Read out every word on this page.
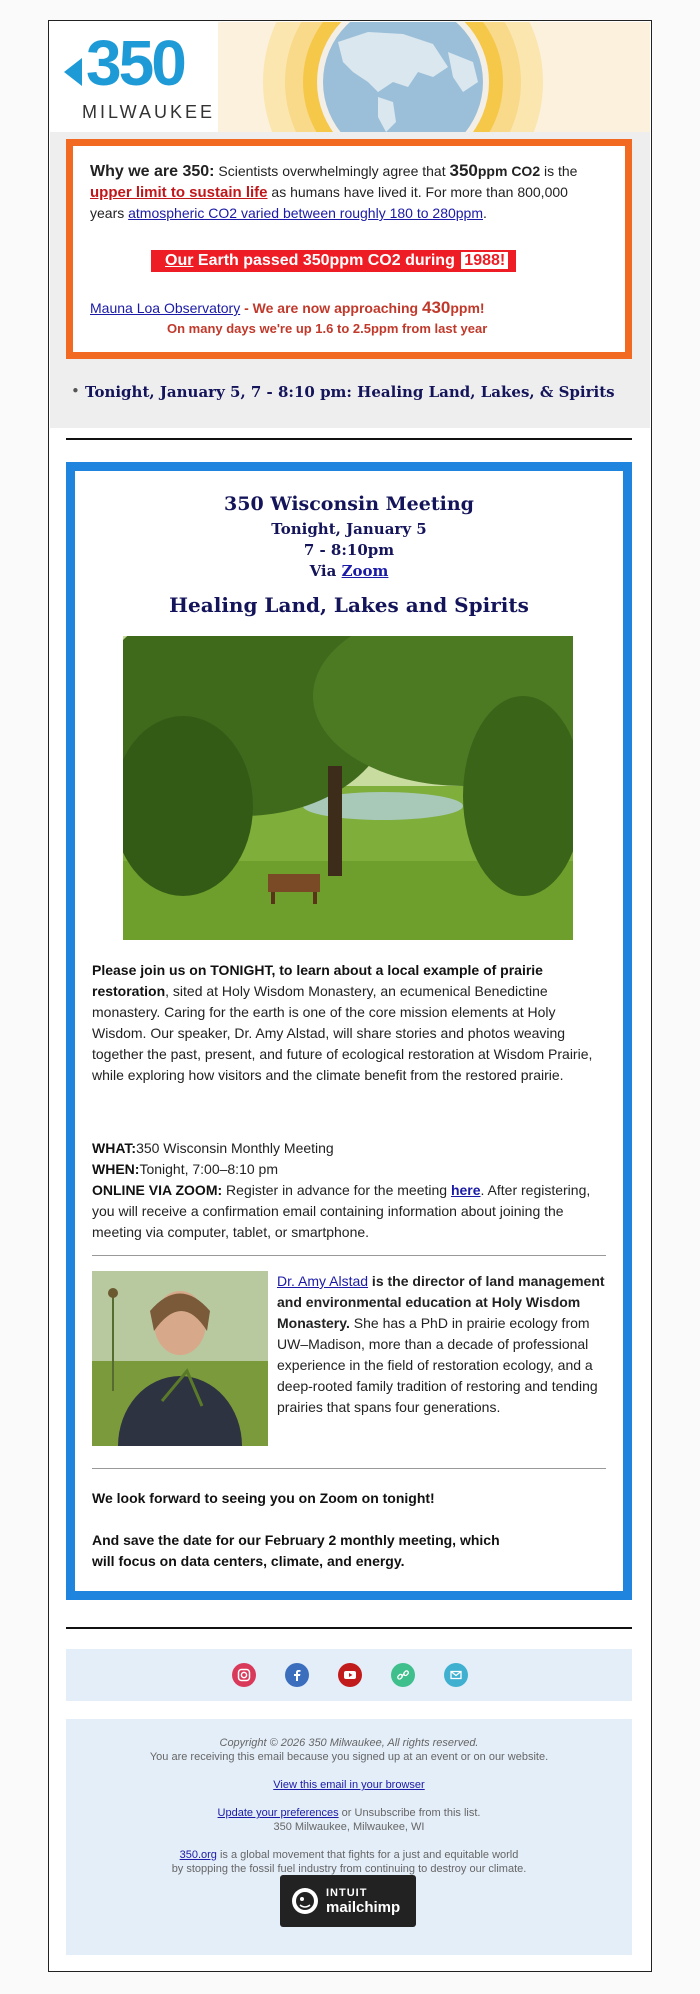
350
MILWAUKEE
Why we are 350: Scientists overwhelmingly agree that 350ppm CO2 is the upper limit to sustain life as humans have lived it. For more than 800,000 years atmospheric CO2 varied between roughly 180 to 280ppm.
Our Earth passed 350ppm CO2 during 1988!
Mauna Loa Observatory - We are now approaching 430ppm!
On many days we're up 1.6 to 2.5ppm from last year
• Tonight, January 5, 7 - 8:10 pm: Healing Land, Lakes, & Spirits
350 Wisconsin Meeting
Tonight, January 5
7 - 8:10pm
Via Zoom
Healing Land, Lakes and Spirits
Please join us on TONIGHT, to learn about a local example of prairie restoration, sited at Holy Wisdom Monastery, an ecumenical Benedictine monastery. Caring for the earth is one of the core mission elements at Holy Wisdom. Our speaker, Dr. Amy Alstad, will share stories and photos weaving together the past, present, and future of ecological restoration at Wisdom Prairie, while exploring how visitors and the climate benefit from the restored prairie.
WHAT:350 Wisconsin Monthly Meeting
WHEN:Tonight, 7:00–8:10 pm
ONLINE VIA ZOOM: Register in advance for the meeting here. After registering, you will receive a confirmation email containing information about joining the meeting via computer, tablet, or smartphone.
Dr. Amy Alstad is the director of land management and environmental education at Holy Wisdom Monastery. She has a PhD in prairie ecology from UW–Madison, more than a decade of professional experience in the field of restoration ecology, and a deep-rooted family tradition of restoring and tending prairies that spans four generations.
We look forward to seeing you on Zoom on tonight!
And save the date for our February 2 monthly meeting, which will focus on data centers, climate, and energy.
Copyright © 2026 350 Milwaukee, All rights reserved.
You are receiving this email because you signed up at an event or on our website.
View this email in your browser
Update your preferences or Unsubscribe from this list.
350 Milwaukee, Milwaukee, WI
350.org is a global movement that fights for a just and equitable world
by stopping the fossil fuel industry from continuing to destroy our climate.
INTUIT
mailchimp
